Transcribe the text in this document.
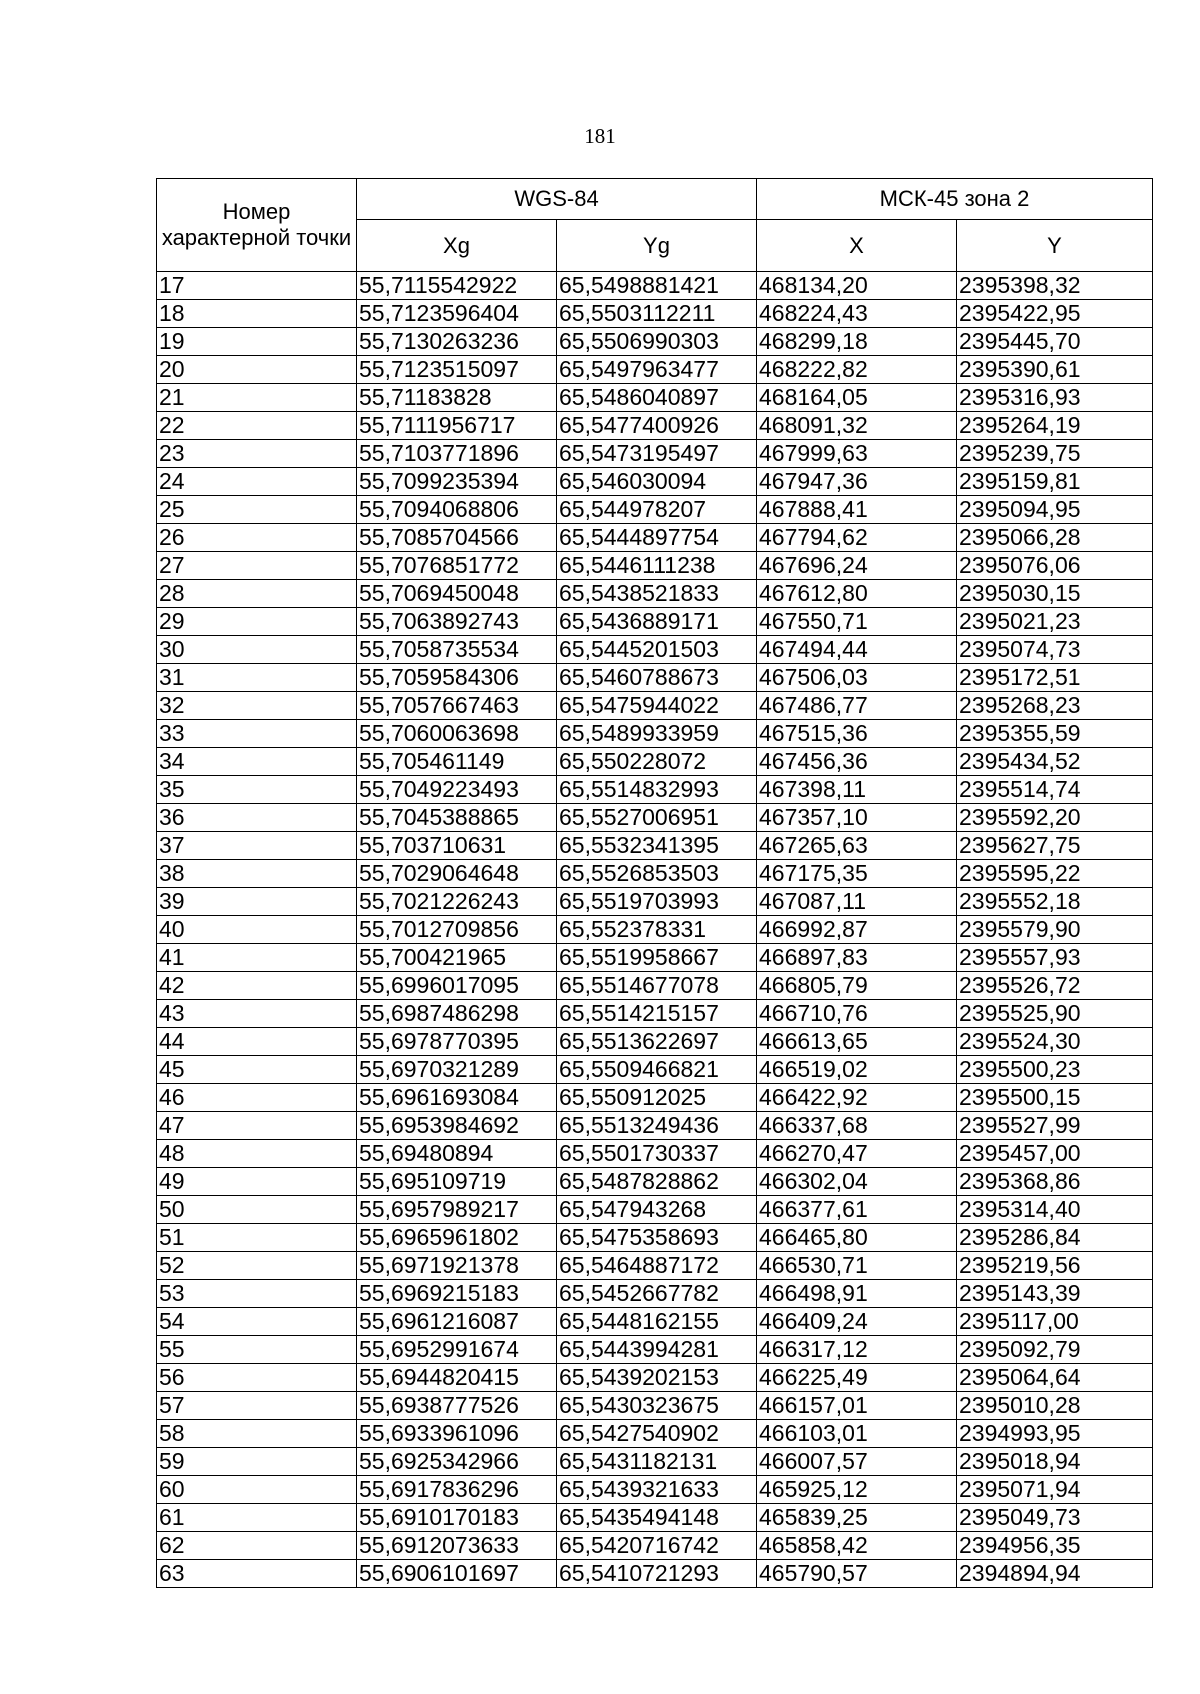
181
Номер характерной точки	WGS-84		МСК-45 зона 2	
	Xg	Yg	X	Y
17	55,7115542922	65,5498881421	468134,20	2395398,32
18	55,7123596404	65,5503112211	468224,43	2395422,95
19	55,7130263236	65,5506990303	468299,18	2395445,70
20	55,7123515097	65,5497963477	468222,82	2395390,61
21	55,71183828	65,5486040897	468164,05	2395316,93
22	55,7111956717	65,5477400926	468091,32	2395264,19
23	55,7103771896	65,5473195497	467999,63	2395239,75
24	55,7099235394	65,546030094	467947,36	2395159,81
25	55,7094068806	65,544978207	467888,41	2395094,95
26	55,7085704566	65,5444897754	467794,62	2395066,28
27	55,7076851772	65,5446111238	467696,24	2395076,06
28	55,7069450048	65,5438521833	467612,80	2395030,15
29	55,7063892743	65,5436889171	467550,71	2395021,23
30	55,7058735534	65,5445201503	467494,44	2395074,73
31	55,7059584306	65,5460788673	467506,03	2395172,51
32	55,7057667463	65,5475944022	467486,77	2395268,23
33	55,7060063698	65,5489933959	467515,36	2395355,59
34	55,705461149	65,550228072	467456,36	2395434,52
35	55,7049223493	65,5514832993	467398,11	2395514,74
36	55,7045388865	65,5527006951	467357,10	2395592,20
37	55,703710631	65,5532341395	467265,63	2395627,75
38	55,7029064648	65,5526853503	467175,35	2395595,22
39	55,7021226243	65,5519703993	467087,11	2395552,18
40	55,7012709856	65,552378331	466992,87	2395579,90
41	55,700421965	65,5519958667	466897,83	2395557,93
42	55,6996017095	65,5514677078	466805,79	2395526,72
43	55,6987486298	65,5514215157	466710,76	2395525,90
44	55,6978770395	65,5513622697	466613,65	2395524,30
45	55,6970321289	65,5509466821	466519,02	2395500,23
46	55,6961693084	65,550912025	466422,92	2395500,15
47	55,6953984692	65,5513249436	466337,68	2395527,99
48	55,69480894	65,5501730337	466270,47	2395457,00
49	55,695109719	65,5487828862	466302,04	2395368,86
50	55,6957989217	65,547943268	466377,61	2395314,40
51	55,6965961802	65,5475358693	466465,80	2395286,84
52	55,6971921378	65,5464887172	466530,71	2395219,56
53	55,6969215183	65,5452667782	466498,91	2395143,39
54	55,6961216087	65,5448162155	466409,24	2395117,00
55	55,6952991674	65,5443994281	466317,12	2395092,79
56	55,6944820415	65,5439202153	466225,49	2395064,64
57	55,6938777526	65,5430323675	466157,01	2395010,28
58	55,6933961096	65,5427540902	466103,01	2394993,95
59	55,6925342966	65,5431182131	466007,57	2395018,94
60	55,6917836296	65,5439321633	465925,12	2395071,94
61	55,6910170183	65,5435494148	465839,25	2395049,73
62	55,6912073633	65,5420716742	465858,42	2394956,35
63	55,6906101697	65,5410721293	465790,57	2394894,94
